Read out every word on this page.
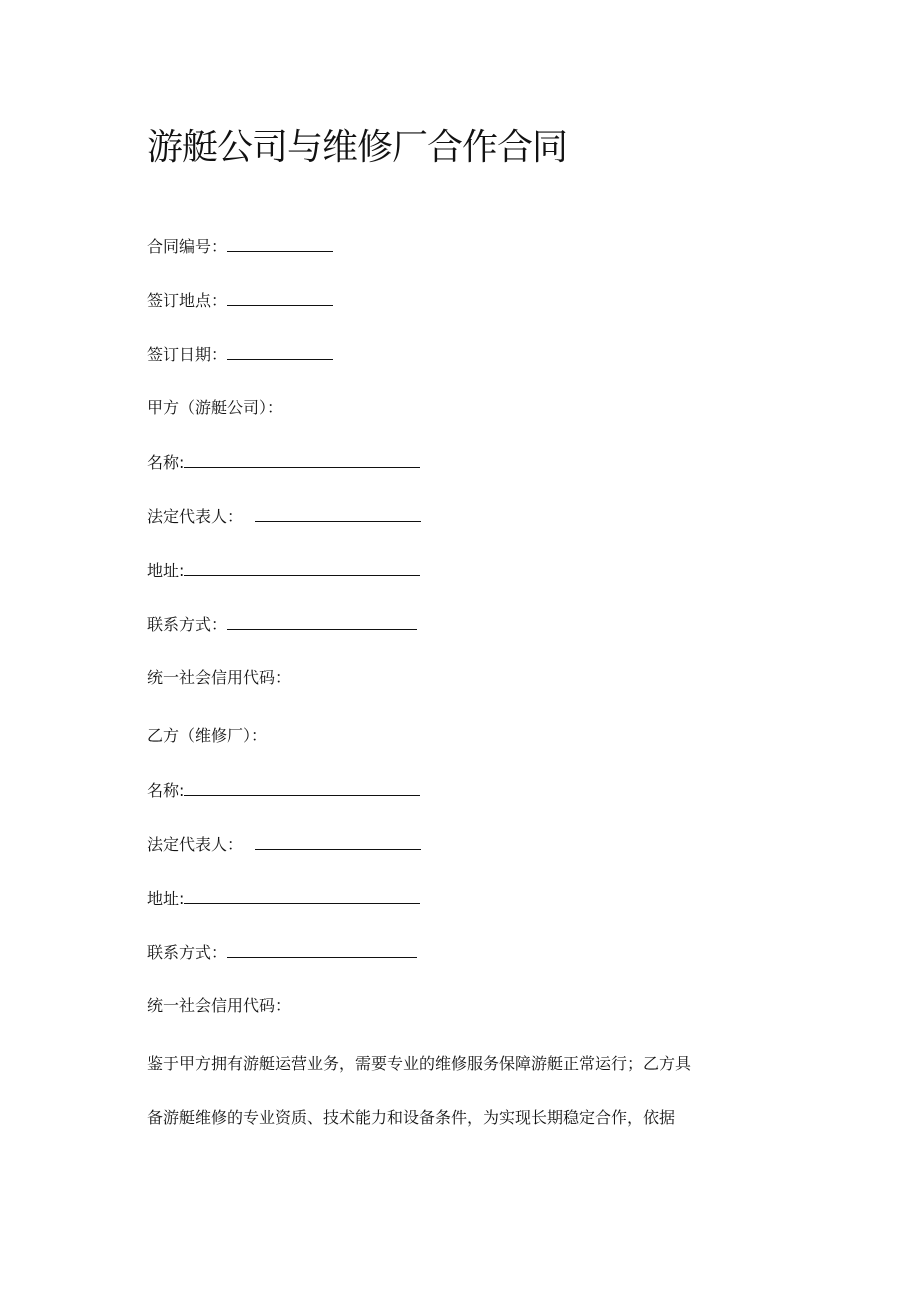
游艇公司与维修厂合作合同
合同编号：
签订地点：
签订日期：
甲方（游艇公司）：
名称:
法定代表人：
地址:
联系方式：
统一社会信用代码：
乙方（维修厂）：
名称:
法定代表人：
地址:
联系方式：
统一社会信用代码：
鉴于甲方拥有游艇运营业务，需要专业的维修服务保障游艇正常运行；乙方具
备游艇维修的专业资质、技术能力和设备条件，为实现长期稳定合作，依据
